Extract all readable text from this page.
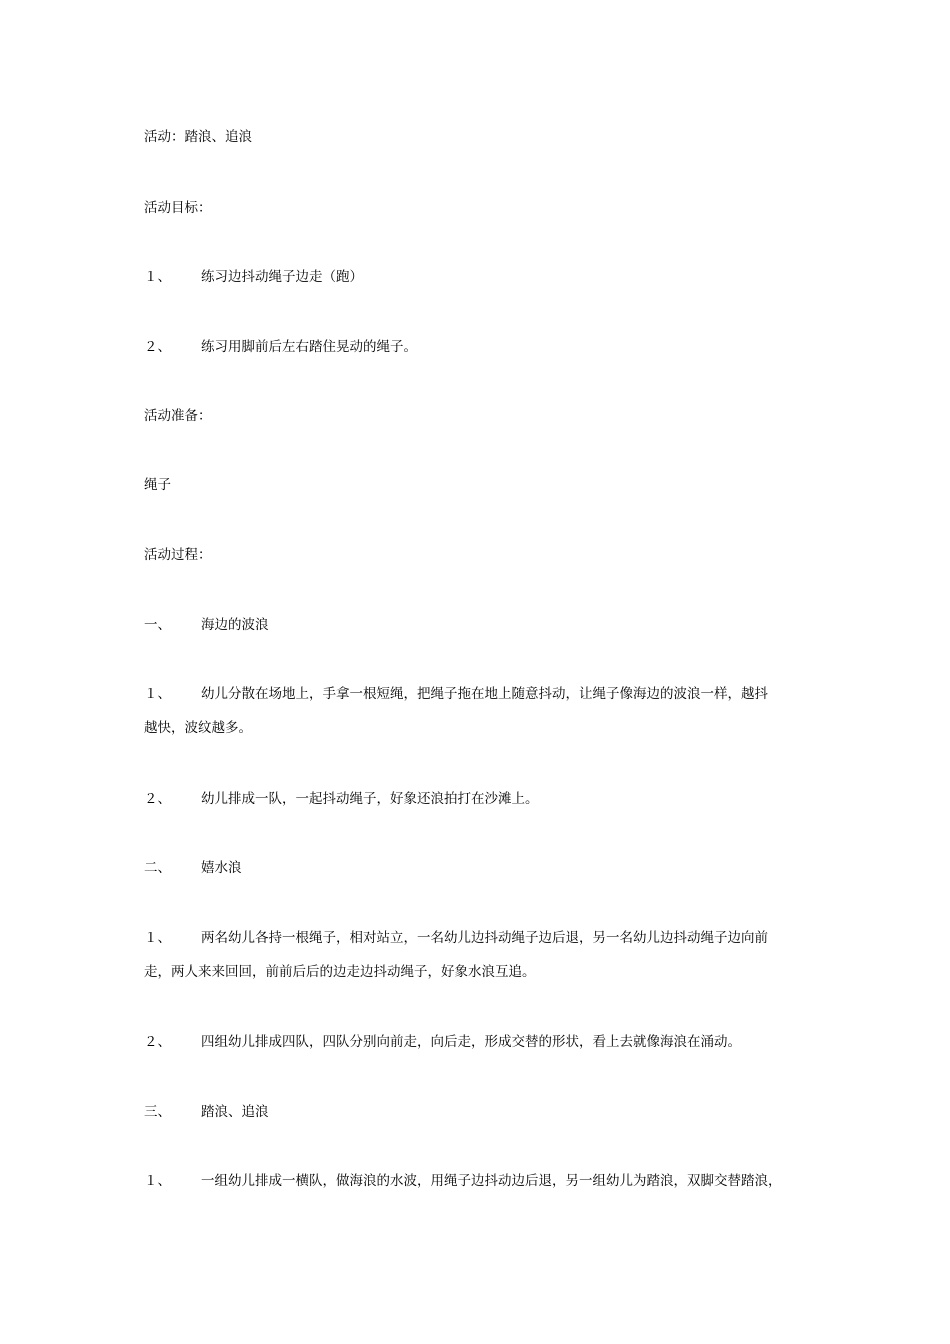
活动：踏浪、追浪
活动目标：
１、 练习边抖动绳子边走（跑）
２、 练习用脚前后左右踏住晃动的绳子。
活动准备：
绳子
活动过程：
一、 海边的波浪
１、 幼儿分散在场地上，手拿一根短绳，把绳子拖在地上随意抖动，让绳子像海边的波浪一样，越抖
越快，波纹越多。
２、 幼儿排成一队，一起抖动绳子，好象还浪拍打在沙滩上。
二、 嬉水浪
１、 两名幼儿各持一根绳子，相对站立，一名幼儿边抖动绳子边后退，另一名幼儿边抖动绳子边向前
走，两人来来回回，前前后后的边走边抖动绳子，好象水浪互追。
２、 四组幼儿排成四队，四队分别向前走，向后走，形成交替的形状，看上去就像海浪在涌动。
三、 踏浪、追浪
１、 一组幼儿排成一横队，做海浪的水波，用绳子边抖动边后退，另一组幼儿为踏浪，双脚交替踏浪，
